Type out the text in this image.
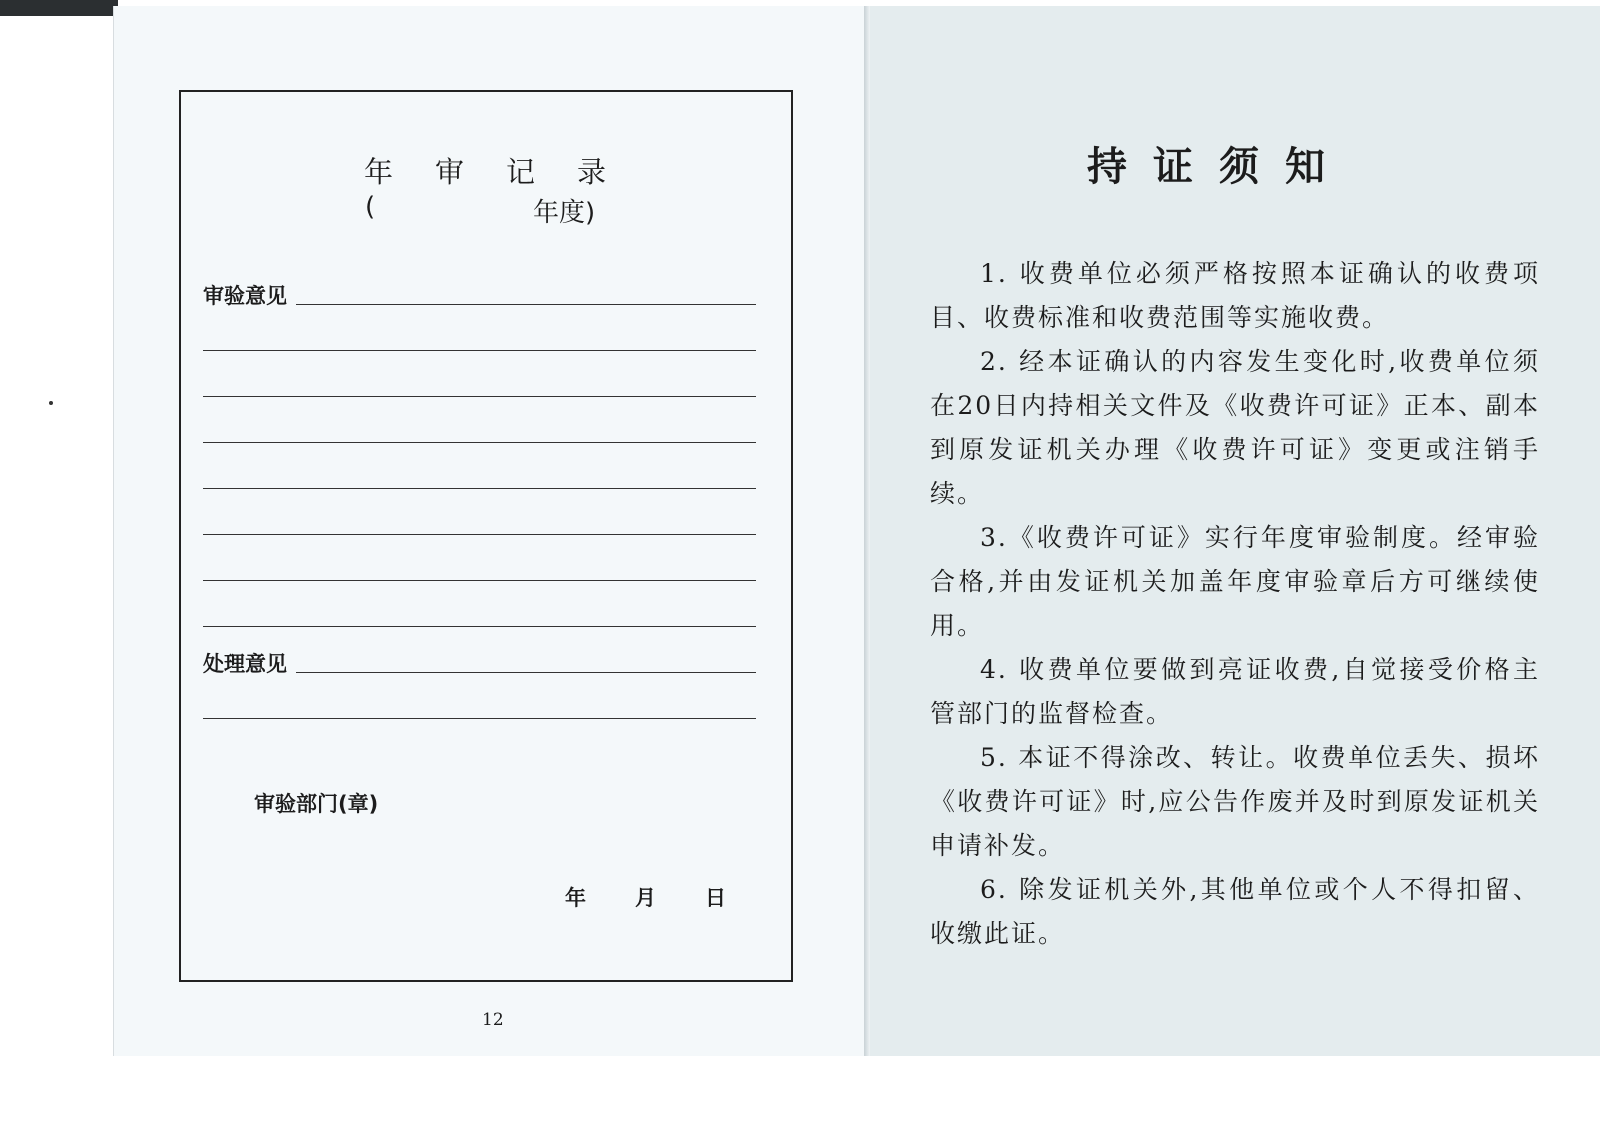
年审记录
(	年度)
审验意见
处理意见
审验部门(章)
年 月 日
12
持证须知

1. 收费单位必须严格按照本证确认的收费项目、收费标准和收费范围等实施收费。

2. 经本证确认的内容发生变化时,收费单位须在20日内持相关文件及《收费许可证》正本、副本到原发证机关办理《收费许可证》变更或注销手续。

3.《收费许可证》实行年度审验制度。经审验合格,并由发证机关加盖年度审验章后方可继续使用。

4. 收费单位要做到亮证收费,自觉接受价格主管部门的监督检查。

5. 本证不得涂改、转让。收费单位丢失、损坏《收费许可证》时,应公告作废并及时到原发证机关申请补发。

6. 除发证机关外,其他单位或个人不得扣留、收缴此证。
